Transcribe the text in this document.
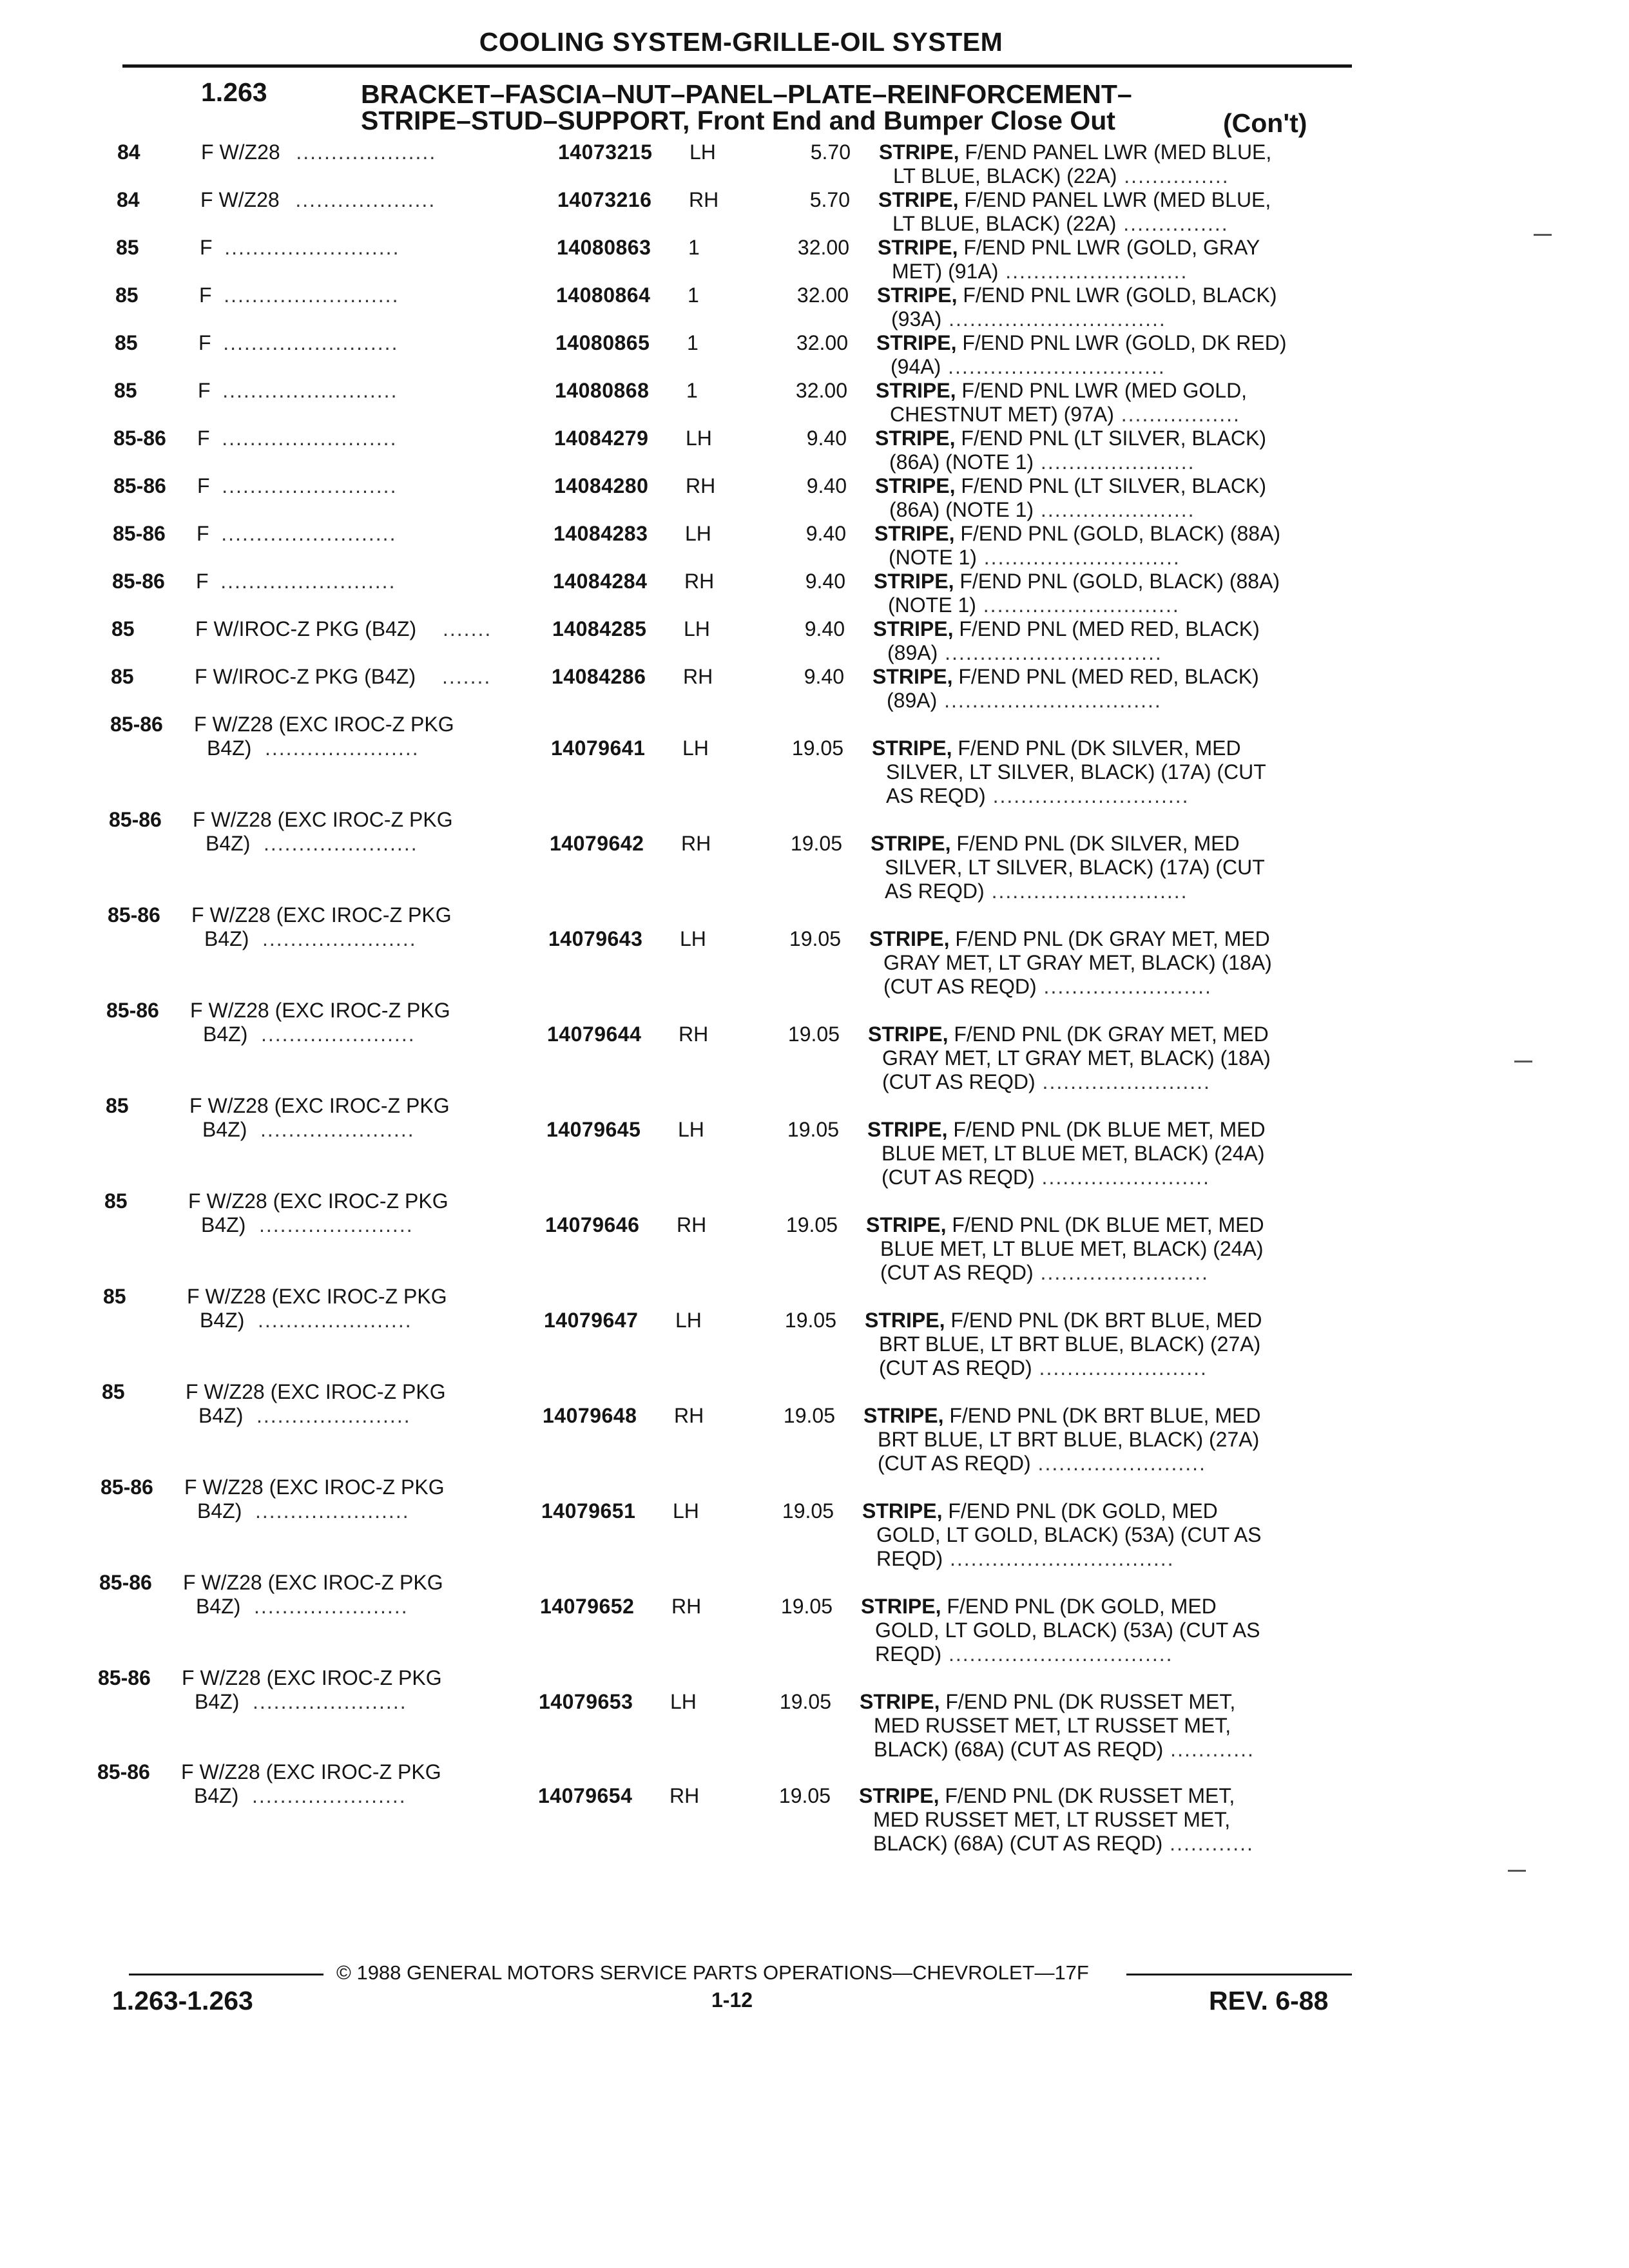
COOLING SYSTEM-GRILLE-OIL SYSTEM
1.263	BRACKET–FASCIA–NUT–PANEL–PLATE–REINFORCEMENT–
STRIPE–STUD–SUPPORT, Front End and Bumper Close Out	(Con't)
84	F W/Z28 ....................	14073215 LH	5.70 STRIPE, F/END PANEL LWR (MED BLUE,
LT BLUE, BLACK) (22A) ...............
84	F W/Z28 ....................	14073216 RH	5.70 STRIPE, F/END PANEL LWR (MED BLUE,
LT BLUE, BLACK) (22A) ...............
85	F .........................	14080863 1	32.00 STRIPE, F/END PNL LWR (GOLD, GRAY
MET) (91A) ..........................
85	F .........................	14080864 1	32.00 STRIPE, F/END PNL LWR (GOLD, BLACK)
(93A) ...............................
85	F .........................	14080865 1	32.00 STRIPE, F/END PNL LWR (GOLD, DK RED)
(94A) ...............................
85	F .........................	14080868 1	32.00 STRIPE, F/END PNL LWR (MED GOLD,
CHESTNUT MET) (97A) .................
85-86 F .........................	14084279 LH	9.40 STRIPE, F/END PNL (LT SILVER, BLACK)
(86A) (NOTE 1) ......................
85-86 F .........................	14084280 RH	9.40 STRIPE, F/END PNL (LT SILVER, BLACK)
(86A) (NOTE 1) ......................
85-86 F .........................	14084283 LH	9.40 STRIPE, F/END PNL (GOLD, BLACK) (88A)
(NOTE 1) ............................
85-86 F .........................	14084284 RH	9.40 STRIPE, F/END PNL (GOLD, BLACK) (88A)
(NOTE 1) ............................
85	F W/IROC-Z PKG (B4Z) .......	14084285 LH	9.40 STRIPE, F/END PNL (MED RED, BLACK)
(89A) ...............................
85	F W/IROC-Z PKG (B4Z) .......	14084286 RH	9.40 STRIPE, F/END PNL (MED RED, BLACK)
(89A) ...............................
85-86 F W/Z28 (EXC IROC-Z PKG
B4Z) ......................	14079641 LH	19.05 STRIPE, F/END PNL (DK SILVER, MED
SILVER, LT SILVER, BLACK) (17A) (CUT
AS REQD) ............................
85-86 F W/Z28 (EXC IROC-Z PKG
B4Z) ......................	14079642 RH	19.05 STRIPE, F/END PNL (DK SILVER, MED
SILVER, LT SILVER, BLACK) (17A) (CUT
AS REQD) ............................
85-86 F W/Z28 (EXC IROC-Z PKG
B4Z) ......................	14079643 LH	19.05 STRIPE, F/END PNL (DK GRAY MET, MED
GRAY MET, LT GRAY MET, BLACK) (18A)
(CUT AS REQD) ........................
85-86 F W/Z28 (EXC IROC-Z PKG
B4Z) ......................	14079644 RH	19.05 STRIPE, F/END PNL (DK GRAY MET, MED
GRAY MET, LT GRAY MET, BLACK) (18A)
(CUT AS REQD) ........................
85	F W/Z28 (EXC IROC-Z PKG
B4Z) ......................	14079645 LH	19.05 STRIPE, F/END PNL (DK BLUE MET, MED
BLUE MET, LT BLUE MET, BLACK) (24A)
(CUT AS REQD) ........................
85	F W/Z28 (EXC IROC-Z PKG
B4Z) ......................	14079646 RH	19.05 STRIPE, F/END PNL (DK BLUE MET, MED
BLUE MET, LT BLUE MET, BLACK) (24A)
(CUT AS REQD) ........................
85	F W/Z28 (EXC IROC-Z PKG
B4Z) ......................	14079647 LH	19.05 STRIPE, F/END PNL (DK BRT BLUE, MED
BRT BLUE, LT BRT BLUE, BLACK) (27A)
(CUT AS REQD) ........................
85	F W/Z28 (EXC IROC-Z PKG
B4Z) ......................	14079648 RH	19.05 STRIPE, F/END PNL (DK BRT BLUE, MED
BRT BLUE, LT BRT BLUE, BLACK) (27A)
(CUT AS REQD) ........................
85-86 F W/Z28 (EXC IROC-Z PKG
B4Z) ......................	14079651 LH	19.05 STRIPE, F/END PNL (DK GOLD, MED
GOLD, LT GOLD, BLACK) (53A) (CUT AS
REQD) ................................
85-86 F W/Z28 (EXC IROC-Z PKG
B4Z) ......................	14079652 RH	19.05 STRIPE, F/END PNL (DK GOLD, MED
GOLD, LT GOLD, BLACK) (53A) (CUT AS
REQD) ................................
85-86 F W/Z28 (EXC IROC-Z PKG
B4Z) ......................	14079653 LH	19.05 STRIPE, F/END PNL (DK RUSSET MET,
MED RUSSET MET, LT RUSSET MET,
BLACK) (68A) (CUT AS REQD) ............
85-86 F W/Z28 (EXC IROC-Z PKG
B4Z) ......................	14079654 RH	19.05 STRIPE, F/END PNL (DK RUSSET MET,
MED RUSSET MET, LT RUSSET MET,
BLACK) (68A) (CUT AS REQD) ............
© 1988 GENERAL MOTORS SERVICE PARTS OPERATIONS—CHEVROLET—17F
1.263-1.263	1-12	REV. 6-88
